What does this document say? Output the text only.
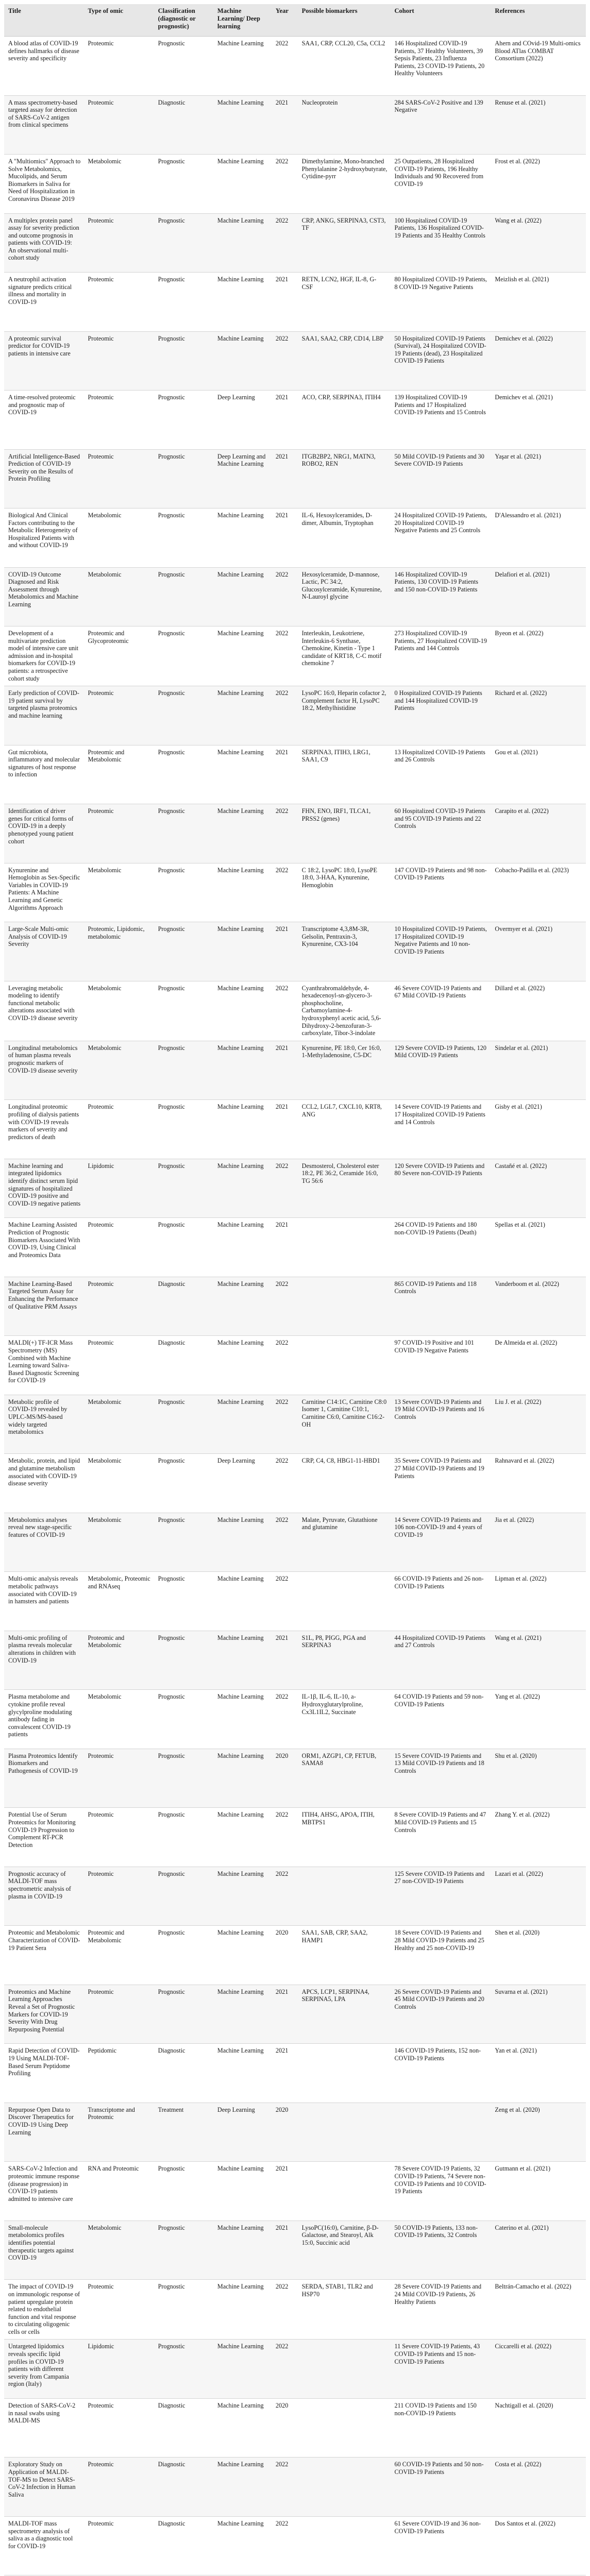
Title	Type of omic	Classification (diagnostic or prognostic)	Machine Learning/ Deep learning	Year	Possible biomarkers	Cohort	References
A blood atlas of COVID-19 defines hallmarks of disease severity and specificity	Proteomic	Prognostic	Machine Learning	2022	SAA1, CRP, CCL20, C5a, CCL2	146 Hospitalized COVID-19 Patients, 37 Healthy Volunteers, 39 Sepsis Patients, 23 Influenza Patients, 23 COVID-19 Patients, 20 Healthy Volunteers	Ahern and COvid-19 Multi-omics Blood ATlas COMBAT Consortium (2022)
A mass spectrometry-based targeted assay for detection of SARS-CoV-2 antigen from clinical specimens	Proteomic	Diagnostic	Machine Learning	2021	Nucleoprotein	284 SARS-CoV-2 Positive and 139 Negative	Renuse et al. (2021)
A "Multiomics" Approach to Solve Metabolomics, Mucolipids, and Serum Biomarkers in Saliva for Need of Hospitalization in Coronavirus Disease 2019	Metabolomic	Prognostic	Machine Learning	2022	Dimethylamine, Mono-branched Phenylalanine 2-hydroxybutyrate, Cytidine-pyrr	25 Outpatients, 28 Hospitalized COVID-19 Patients, 196 Healthy Individuals and 90 Recovered from COVID-19	Frost et al. (2022)
A multiplex protein panel assay for severity prediction and outcome prognosis in patients with COVID-19: An observational multi-cohort study	Proteomic	Prognostic	Machine Learning	2022	CRP, ANKG, SERPINA3, CST3, TF	100 Hospitalized COVID-19 Patients, 136 Hospitalized COVID-19 Patients and 35 Healthy Controls	Wang et al. (2022)
A neutrophil activation signature predicts critical illness and mortality in COVID-19	Proteomic	Prognostic	Machine Learning	2021	RETN, LCN2, HGF, IL-8, G-CSF	80 Hospitalized COVID-19 Patients, 8 COVID-19 Negative Patients	Meizlish et al. (2021)
A proteomic survival predictor for COVID-19 patients in intensive care	Proteomic	Prognostic	Machine Learning	2022	SAA1, SAA2, CRP, CD14, LBP	50 Hospitalized COVID-19 Patients (Survival), 24 Hospitalized COVID-19 Patients (dead), 23 Hospitalized COVID-19 Patients	Demichev et al. (2022)
A time-resolved proteomic and prognostic map of COVID-19	Proteomic	Prognostic	Deep Learning	2021	ACO, CRP, SERPINA3, ITIH4	139 Hospitalized COVID-19 Patients and 17 Hospitalized COVID-19 Patients and 15 Controls	Demichev et al. (2021)
Artificial Intelligence-Based Prediction of COVID-19 Severity on the Results of Protein Profiling	Proteomic	Prognostic	Deep Learning and Machine Learning	2021	ITGB2BP2, NRG1, MATN3, ROBO2, REN	50 Mild COVID-19 Patients and 30 Severe COVID-19 Patients	Yaşar et al. (2021)
Biological And Clinical Factors contributing to the Metabolic Heterogeneity of Hospitalized Patients with and without COVID-19	Metabolomic	Prognostic	Machine Learning	2021	IL-6, Hexosylceramides, D-dimer, Albumin, Tryptophan	24 Hospitalized COVID-19 Patients, 20 Hospitalized COVID-19 Negative Patients and 25 Controls	D'Alessandro et al. (2021)
COVID-19 Outcome Diagnosed and Risk Assessment through Metabolomics and Machine Learning	Metabolomic	Prognostic	Machine Learning	2022	Hexosylceramide, D-mannose, Lactic, PC 34:2, Glucosylceramide, Kynurenine, N-Lauroyl glycine	146 Hospitalized COVID-19 Patients, 130 COVID-19 Patients and 150 non-COVID-19 Patients	Delafiori et al. (2021)
Development of a multivariate prediction model of intensive care unit admission and in-hospital biomarkers for COVID-19 patients: a retrospective cohort study	Proteomic and Glycoproteomic	Prognostic	Machine Learning	2022	Interleukin, Leukotriene, Interleukin-6 Synthase, Chemokine, Kinetin - Type 1 candidate of KRT18, C-C motif chemokine 7	273 Hospitalized COVID-19 Patients, 27 Hospitalized COVID-19 Patients and 144 Controls	Byeon et al. (2022)
Early prediction of COVID-19 patient survival by targeted plasma proteomics and machine learning	Proteomic	Prognostic	Machine Learning	2022	LysoPC 16:0, Heparin cofactor 2, Complement factor H, LysoPC 18:2, Methylhistidine	0 Hospitalized COVID-19 Patients and 144 Hospitalized COVID-19 Patients	Richard et al. (2022)
Gut microbiota, inflammatory and molecular signatures of host response to infection	Proteomic and Metabolomic	Prognostic	Machine Learning	2021	SERPINA3, ITIH3, LRG1, SAA1, C9	13 Hospitalized COVID-19 Patients and 26 Controls	Gou et al. (2021)
Identification of driver genes for critical forms of COVID-19 in a deeply phenotyped young patient cohort	Proteomic	Prognostic	Machine Learning	2022	FHN, ENO, IRF1, TLCA1, PRSS2 (genes)	60 Hospitalized COVID-19 Patients and 95 COVID-19 Patients and 22 Controls	Carapito et al. (2022)
Kynurenine and Hemoglobin as Sex-Specific Variables in COVID-19 Patients: A Machine Learning and Genetic Algorithms Approach	Metabolomic	Prognostic	Machine Learning	2022	C 18:2, LysoPC 18:0, LysoPE 18:0, 3-HAA, Kynurenine, Hemoglobin	147 COVID-19 Patients and 98 non-COVID-19 Patients	Cobacho-Padilla et al. (2023)
Large-Scale Multi-omic Analysis of COVID-19 Severity	Proteomic, Lipidomic, metabolomic	Prognostic	Machine Learning	2021	Transcriptome 4,3,8M-3R, Gelsolin, Pentraxin-3, Kynurenine, CX3-104	10 Hospitalized COVID-19 Patients, 17 Hospitalized COVID-19 Negative Patients and 10 non-COVID-19 Patients	Overmyer et al. (2021)
Leveraging metabolic modeling to identify functional metabolic alterations associated with COVID-19 disease severity	Metabolomic	Prognostic	Machine Learning	2022	Cyanthrabromaldehyde, 4-hexadecenoyl-sn-glycero-3-phosphocholine, Carbamoylamine-4-hydroxyphenyl acetic acid, 5,6-Dihydroxy-2-benzofuran-3-carboxylate, Tibor-3-indolate	46 Severe COVID-19 Patients and 67 Mild COVID-19 Patients	Dillard et al. (2022)
Longitudinal metabolomics of human plasma reveals prognostic markers of COVID-19 disease severity	Metabolomic	Prognostic	Machine Learning	2021	Kynurenine, PE 18:0, Cer 16:0, 1-Methyladenosine, C5-DC	129 Severe COVID-19 Patients, 120 Mild COVID-19 Patients	Sindelar et al. (2021)
Longitudinal proteomic profiling of dialysis patients with COVID-19 reveals markers of severity and predictors of death	Proteomic	Prognostic	Machine Learning	2021	CCL2, LGL7, CXCL10, KRT8, ANG	14 Severe COVID-19 Patients and 17 Hospitalized COVID-19 Patients and 14 Controls	Gisby et al. (2021)
Machine learning and integrated lipidomics identify distinct serum lipid signatures of hospitalized COVID-19 positive and COVID-19 negative patients	Lipidomic	Prognostic	Machine Learning	2022	Desmosterol, Cholesterol ester 18:2, PE 36:2, Ceramide 16:0, TG 56:6	120 Severe COVID-19 Patients and 80 Severe non-COVID-19 Patients	Castañé et al. (2022)
Machine Learning Assisted Prediction of Prognostic Biomarkers Associated With COVID-19, Using Clinical and Proteomics Data	Proteomic	Prognostic	Machine Learning	2021		264 COVID-19 Patients and 180 non-COVID-19 Patients (Death)	Spellas et al. (2021)
Machine Learning-Based Targeted Serum Assay for Enhancing the Performance of Qualitative PRM Assays	Proteomic	Diagnostic	Machine Learning	2022		865 COVID-19 Patients and 118 Controls	Vanderboom et al. (2022)
MALDI(+) TF-ICR Mass Spectrometry (MS) Combined with Machine Learning toward Saliva-Based Diagnostic Screening for COVID-19	Proteomic	Diagnostic	Machine Learning	2022		97 COVID-19 Positive and 101 COVID-19 Negative Patients	De Almeida et al. (2022)
Metabolic profile of COVID-19 revealed by UPLC-MS/MS-based widely targeted metabolomics	Metabolomic	Prognostic	Machine Learning	2022	Carnitine C14:1C, Carnitine C8:0 Isomer 1, Carnitine C10:1, Carnitine C6:0, Carnitine C16:2-OH	13 Severe COVID-19 Patients and 19 Mild COVID-19 Patients and 16 Controls	Liu J. et al. (2022)
Metabolic, protein, and lipid and glutamine metabolism associated with COVID-19 disease severity	Metabolomic	Prognostic	Deep Learning	2022	CRP, C4, C8, HBG1-11-HBD1	35 Severe COVID-19 Patients and 27 Mild COVID-19 Patients and 19 Patients	Rahnavard et al. (2022)
Metabolomics analyses reveal new stage-specific features of COVID-19	Metabolomic	Prognostic	Machine Learning	2022	Malate, Pyruvate, Glutathione and glutamine	14 Severe COVID-19 Patients and 106 non-COVID-19 and 4 years of COVID-19	Jia et al. (2022)
Multi-omic analysis reveals metabolic pathways associated with COVID-19 in hamsters and patients	Metabolomic, Proteomic and RNAseq	Prognostic	Machine Learning	2022		66 COVID-19 Patients and 26 non-COVID-19 Patients	Lipman et al. (2022)
Multi-omic profiling of plasma reveals molecular alterations in children with COVID-19	Proteomic and Metabolomic	Prognostic	Machine Learning	2021	S1L, P8, PIGG, PGA and SERPINA3	44 Hospitalized COVID-19 Patients and 27 Controls	Wang et al. (2021)
Plasma metabolome and cytokine profile reveal glycylproline modulating antibody fading in convalescent COVID-19 patients	Metabolomic	Prognostic	Machine Learning	2022	IL-1β, IL-6, IL-10, a-Hydroxyglutarylproline, Cx3L1IL2, Succinate	64 COVID-19 Patients and 59 non-COVID-19 Patients	Yang et al. (2022)
Plasma Proteomics Identify Biomarkers and Pathogenesis of COVID-19	Proteomic	Prognostic	Machine Learning	2020	ORM1, AZGP1, CP, FETUB, SAMA8	15 Severe COVID-19 Patients and 13 Mild COVID-19 Patients and 18 Controls	Shu et al. (2020)
Potential Use of Serum Proteomics for Monitoring COVID-19 Progression to Complement RT-PCR Detection	Proteomic	Prognostic	Machine Learning	2022	ITIH4, AHSG, APOA, ITIH, MBTPS1	8 Severe COVID-19 Patients and 47 Mild COVID-19 Patients and 15 Controls	Zhang Y. et al. (2022)
Prognostic accuracy of MALDI-TOF mass spectrometric analysis of plasma in COVID-19	Proteomic	Prognostic	Machine Learning	2022		125 Severe COVID-19 Patients and 27 non-COVID-19 Patients	Lazari et al. (2022)
Proteomic and Metabolomic Characterization of COVID-19 Patient Sera	Proteomic and Metabolomic	Prognostic	Machine Learning	2020	SAA1, SAB, CRP, SAA2, HAMP1	18 Severe COVID-19 Patients and 28 Mild COVID-19 Patients and 25 Healthy and 25 non-COVID-19	Shen et al. (2020)
Proteomics and Machine Learning Approaches Reveal a Set of Prognostic Markers for COVID-19 Severity With Drug Repurposing Potential	Proteomic	Prognostic	Machine Learning	2021	APCS, LCP1, SERPINA4, SERPINA5, LPA	26 Severe COVID-19 Patients and 45 Mild COVID-19 Patients and 20 Controls	Suvarna et al. (2021)
Rapid Detection of COVID-19 Using MALDI-TOF-Based Serum Peptidome Profiling	Peptidomic	Diagnostic	Machine Learning	2021		146 COVID-19 Patients, 152 non-COVID-19 Patients	Yan et al. (2021)
Repurpose Open Data to Discover Therapeutics for COVID-19 Using Deep Learning	Transcriptome and Proteomic	Treatment	Deep Learning	2020			Zeng et al. (2020)
SARS-CoV-2 Infection and proteomic immune response (disease progression) in COVID-19 patients admitted to intensive care	RNA and Proteomic	Prognostic	Machine Learning	2021		78 Severe COVID-19 Patients, 32 COVID-19 Patients, 74 Severe non-COVID-19 Patients and 10 COVID-19 Patients	Gutmann et al. (2021)
Small-molecule metabolomics profiles identifies potential therapeutic targets against COVID-19	Metabolomic	Prognostic	Machine Learning	2021	LysoPC(16:0), Carnitine, β-D-Galactose, and Stearoyl, Alk 15:0, Succinic acid	50 COVID-19 Patients, 133 non-COVID-19 Patients, 32 Controls	Caterino et al. (2021)
The impact of COVID-19 on immunologic response of patient upregulate protein related to endothelial function and vital response to circulating oligogenic cells or cells	Proteomic	Prognostic	Machine Learning	2022	SERDA, STAB1, TLR2 and HSP70	28 Severe COVID-19 Patients and 24 Mild COVID-19 Patients, 26 Healthy Patients	Beltrán-Camacho et al. (2022)
Untargeted lipidomics reveals specific lipid profiles in COVID-19 patients with different severity from Campania region (Italy)	Lipidomic	Prognostic	Machine Learning	2022		11 Severe COVID-19 Patients, 43 COVID-19 Patients and 15 non-COVID-19 Patients	Ciccarelli et al. (2022)
Detection of SARS-CoV-2 in nasal swabs using MALDI-MS	Proteomic	Diagnostic	Machine Learning	2020		211 COVID-19 Patients and 150 non-COVID-19 Patients	Nachtigall et al. (2020)
Exploratory Study on Application of MALDI-TOF-MS to Detect SARS-CoV-2 Infection in Human Saliva	Proteomic	Diagnostic	Machine Learning	2022		60 COVID-19 Patients and 50 non-COVID-19 Patients	Costa et al. (2022)
MALDI-TOF mass spectrometry analysis of saliva as a diagnostic tool for COVID-19	Proteomic	Diagnostic	Machine Learning	2022		61 Severe COVID-19 and 36 non-COVID-19 Patients	Dos Santos et al. (2022)
